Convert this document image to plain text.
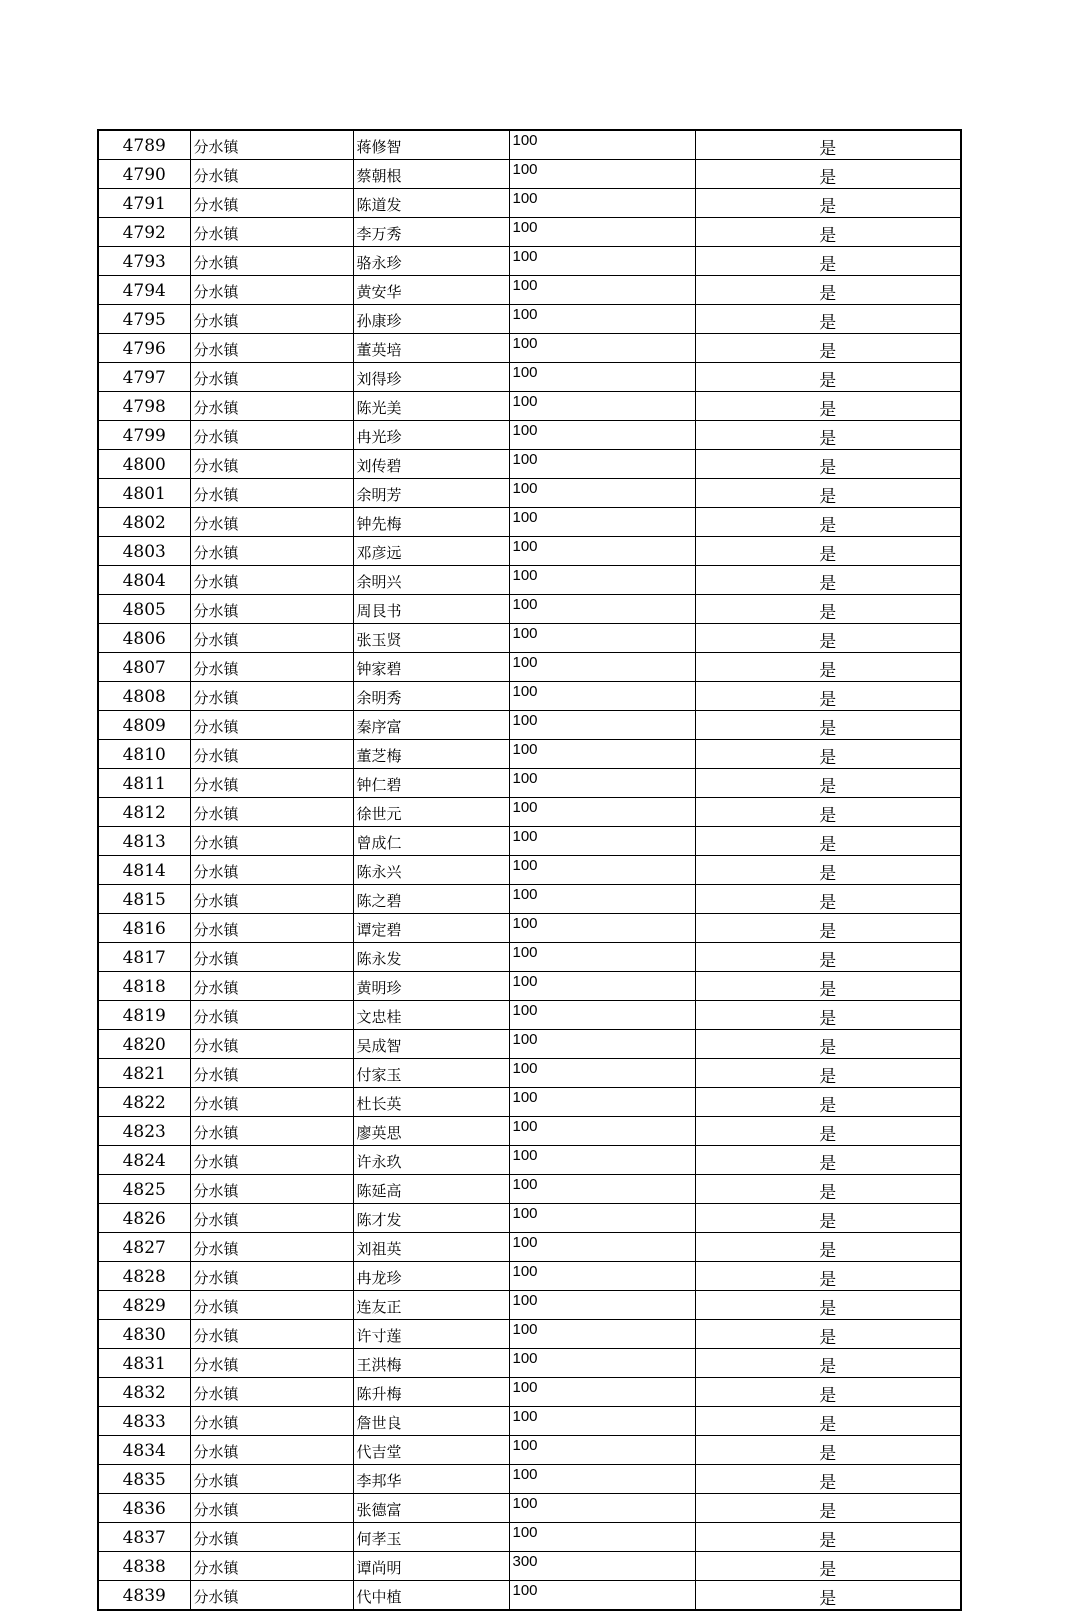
4789	分水镇	蒋修智	100	是
4790	分水镇	蔡朝根	100	是
4791	分水镇	陈道发	100	是
4792	分水镇	李万秀	100	是
4793	分水镇	骆永珍	100	是
4794	分水镇	黄安华	100	是
4795	分水镇	孙康珍	100	是
4796	分水镇	董英培	100	是
4797	分水镇	刘得珍	100	是
4798	分水镇	陈光美	100	是
4799	分水镇	冉光珍	100	是
4800	分水镇	刘传碧	100	是
4801	分水镇	余明芳	100	是
4802	分水镇	钟先梅	100	是
4803	分水镇	邓彦远	100	是
4804	分水镇	余明兴	100	是
4805	分水镇	周艮书	100	是
4806	分水镇	张玉贤	100	是
4807	分水镇	钟家碧	100	是
4808	分水镇	余明秀	100	是
4809	分水镇	秦序富	100	是
4810	分水镇	董芝梅	100	是
4811	分水镇	钟仁碧	100	是
4812	分水镇	徐世元	100	是
4813	分水镇	曾成仁	100	是
4814	分水镇	陈永兴	100	是
4815	分水镇	陈之碧	100	是
4816	分水镇	谭定碧	100	是
4817	分水镇	陈永发	100	是
4818	分水镇	黄明珍	100	是
4819	分水镇	文忠桂	100	是
4820	分水镇	吴成智	100	是
4821	分水镇	付家玉	100	是
4822	分水镇	杜长英	100	是
4823	分水镇	廖英思	100	是
4824	分水镇	许永玖	100	是
4825	分水镇	陈延高	100	是
4826	分水镇	陈才发	100	是
4827	分水镇	刘祖英	100	是
4828	分水镇	冉龙珍	100	是
4829	分水镇	连友正	100	是
4830	分水镇	许寸莲	100	是
4831	分水镇	王洪梅	100	是
4832	分水镇	陈升梅	100	是
4833	分水镇	詹世良	100	是
4834	分水镇	代吉堂	100	是
4835	分水镇	李邦华	100	是
4836	分水镇	张德富	100	是
4837	分水镇	何孝玉	100	是
4838	分水镇	谭尚明	300	是
4839	分水镇	代中植	100	是
